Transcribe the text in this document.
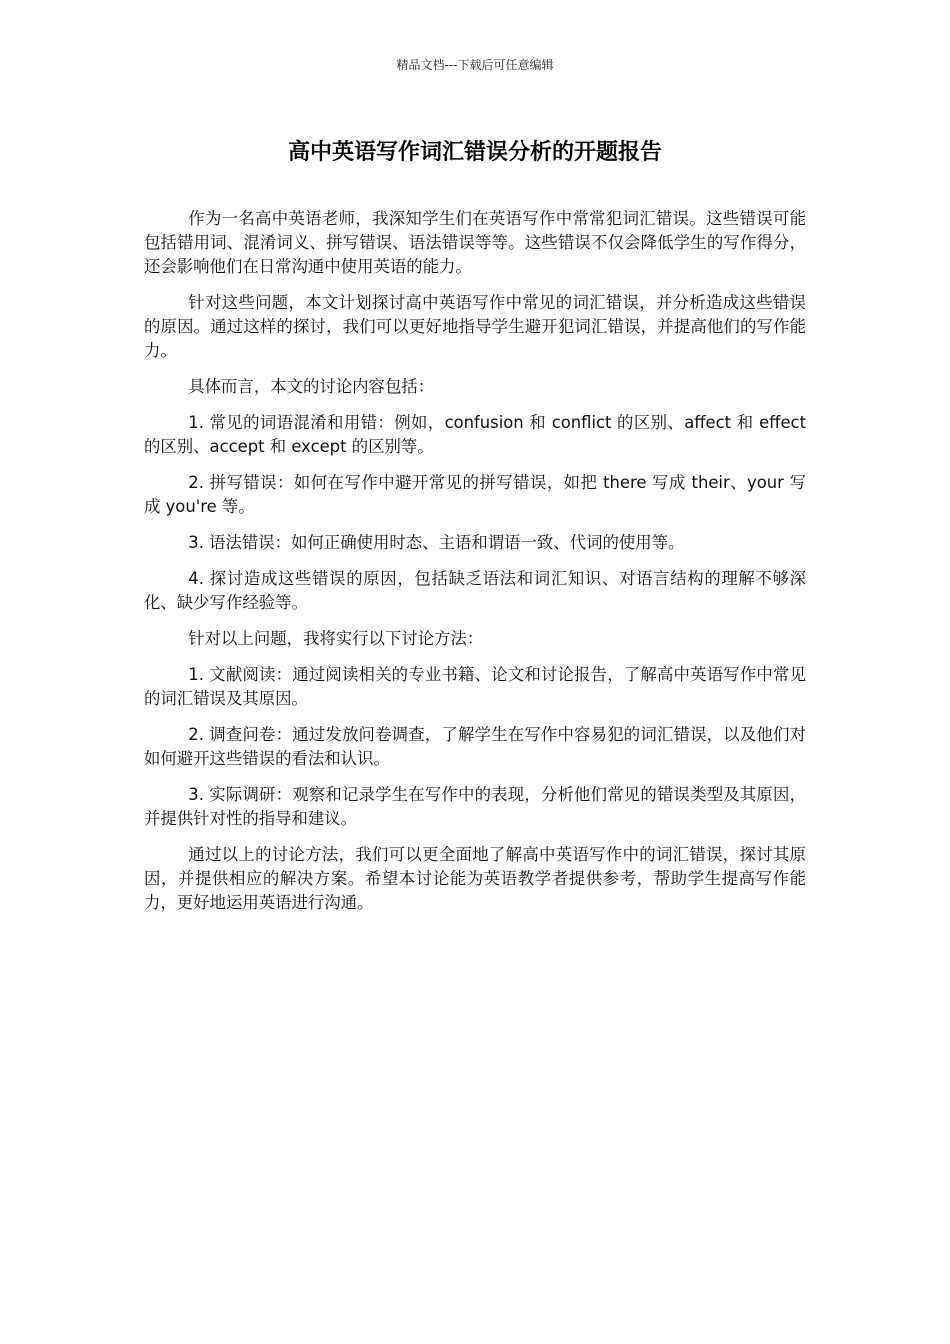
精品文档---下载后可任意编辑
高中英语写作词汇错误分析的开题报告

作为一名高中英语老师，我深知学生们在英语写作中常常犯词汇错误。这些错误可能包括错用词、混淆词义、拼写错误、语法错误等等。这些错误不仅会降低学生的写作得分，还会影响他们在日常沟通中使用英语的能力。

针对这些问题，本文计划探讨高中英语写作中常见的词汇错误，并分析造成这些错误的原因。通过这样的探讨，我们可以更好地指导学生避开犯词汇错误，并提高他们的写作能力。

具体而言，本文的讨论内容包括：

1. 常见的词语混淆和用错：例如，confusion 和 conflict 的区别、affect 和 effect 的区别、accept 和 except 的区别等。

2. 拼写错误：如何在写作中避开常见的拼写错误，如把 there 写成 their、your 写成 you're 等。

3. 语法错误：如何正确使用时态、主语和谓语一致、代词的使用等。

4. 探讨造成这些错误的原因，包括缺乏语法和词汇知识、对语言结构的理解不够深化、缺少写作经验等。

针对以上问题，我将实行以下讨论方法：

1. 文献阅读：通过阅读相关的专业书籍、论文和讨论报告，了解高中英语写作中常见的词汇错误及其原因。

2. 调查问卷：通过发放问卷调查，了解学生在写作中容易犯的词汇错误，以及他们对如何避开这些错误的看法和认识。

3. 实际调研：观察和记录学生在写作中的表现，分析他们常见的错误类型及其原因，并提供针对性的指导和建议。

通过以上的讨论方法，我们可以更全面地了解高中英语写作中的词汇错误，探讨其原因，并提供相应的解决方案。希望本讨论能为英语教学者提供参考，帮助学生提高写作能力，更好地运用英语进行沟通。
